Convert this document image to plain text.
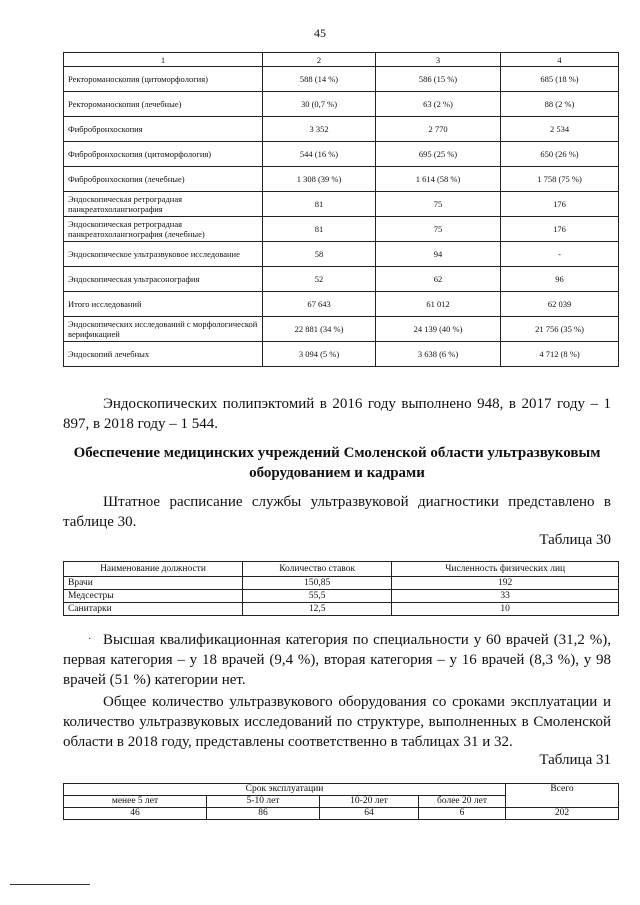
45
1	2	3	4
Ректороманоскопия (цитоморфология)	588 (14 %)	586 (15 %)	685 (18 %)
Ректороманоскопия (лечебные)	30 (0,7 %)	63 (2 %)	88 (2 %)
Фибробронхоскопия	3 352	2 770	2 534
Фибробронхоскопия (цитоморфология)	544 (16 %)	695 (25 %)	650 (26 %)
Фибробронхоскопия (лечебные)	1 308 (39 %)	1 614 (58 %)	1 758 (75 %)
Эндоскопическая ретроградная панкреатохолангиография	81	75	176
Эндоскопическая ретроградная панкреатохолангиография (лечебные)	81	75	176
Эндоскопическое ультразвуковое исследование	58	94	-
Эндоскопическая ультрасонография	52	62	96
Итого исследований	67 643	61 012	62 039
Эндоскопических исследований с морфологической верификацией	22 881 (34 %)	24 139 (40 %)	21 756 (35 %)
Эндоскопий лечебных	3 094 (5 %)	3 638 (6 %)	4 712 (8 %)
Эндоскопических полипэктомий в 2016 году выполнено 948, в 2017 году – 1 897, в 2018 году – 1 544.
Обеспечение медицинских учреждений Смоленской области ультразвуковым оборудованием и кадрами
Штатное расписание службы ультразвуковой диагностики представлено в таблице 30.
Таблица 30
Наименование должности	Количество ставок	Численность физических лиц
Врачи	150,85	192
Медсестры	55,5	33
Санитарки	12,5	10
· Высшая квалификационная категория по специальности у 60 врачей (31,2 %), первая категория – у 18 врачей (9,4 %), вторая категория – у 16 врачей (8,3 %), у 98 врачей (51 %) категории нет.
Общее количество ультразвукового оборудования со сроками эксплуатации и количество ультразвуковых исследований по структуре, выполненных в Смоленской области в 2018 году, представлены соответственно в таблицах 31 и 32.
Таблица 31
Срок эксплуатации				Всего
менее 5 лет	5-10 лет	10-20 лет	более 20 лет	
46	86	64	6	202
